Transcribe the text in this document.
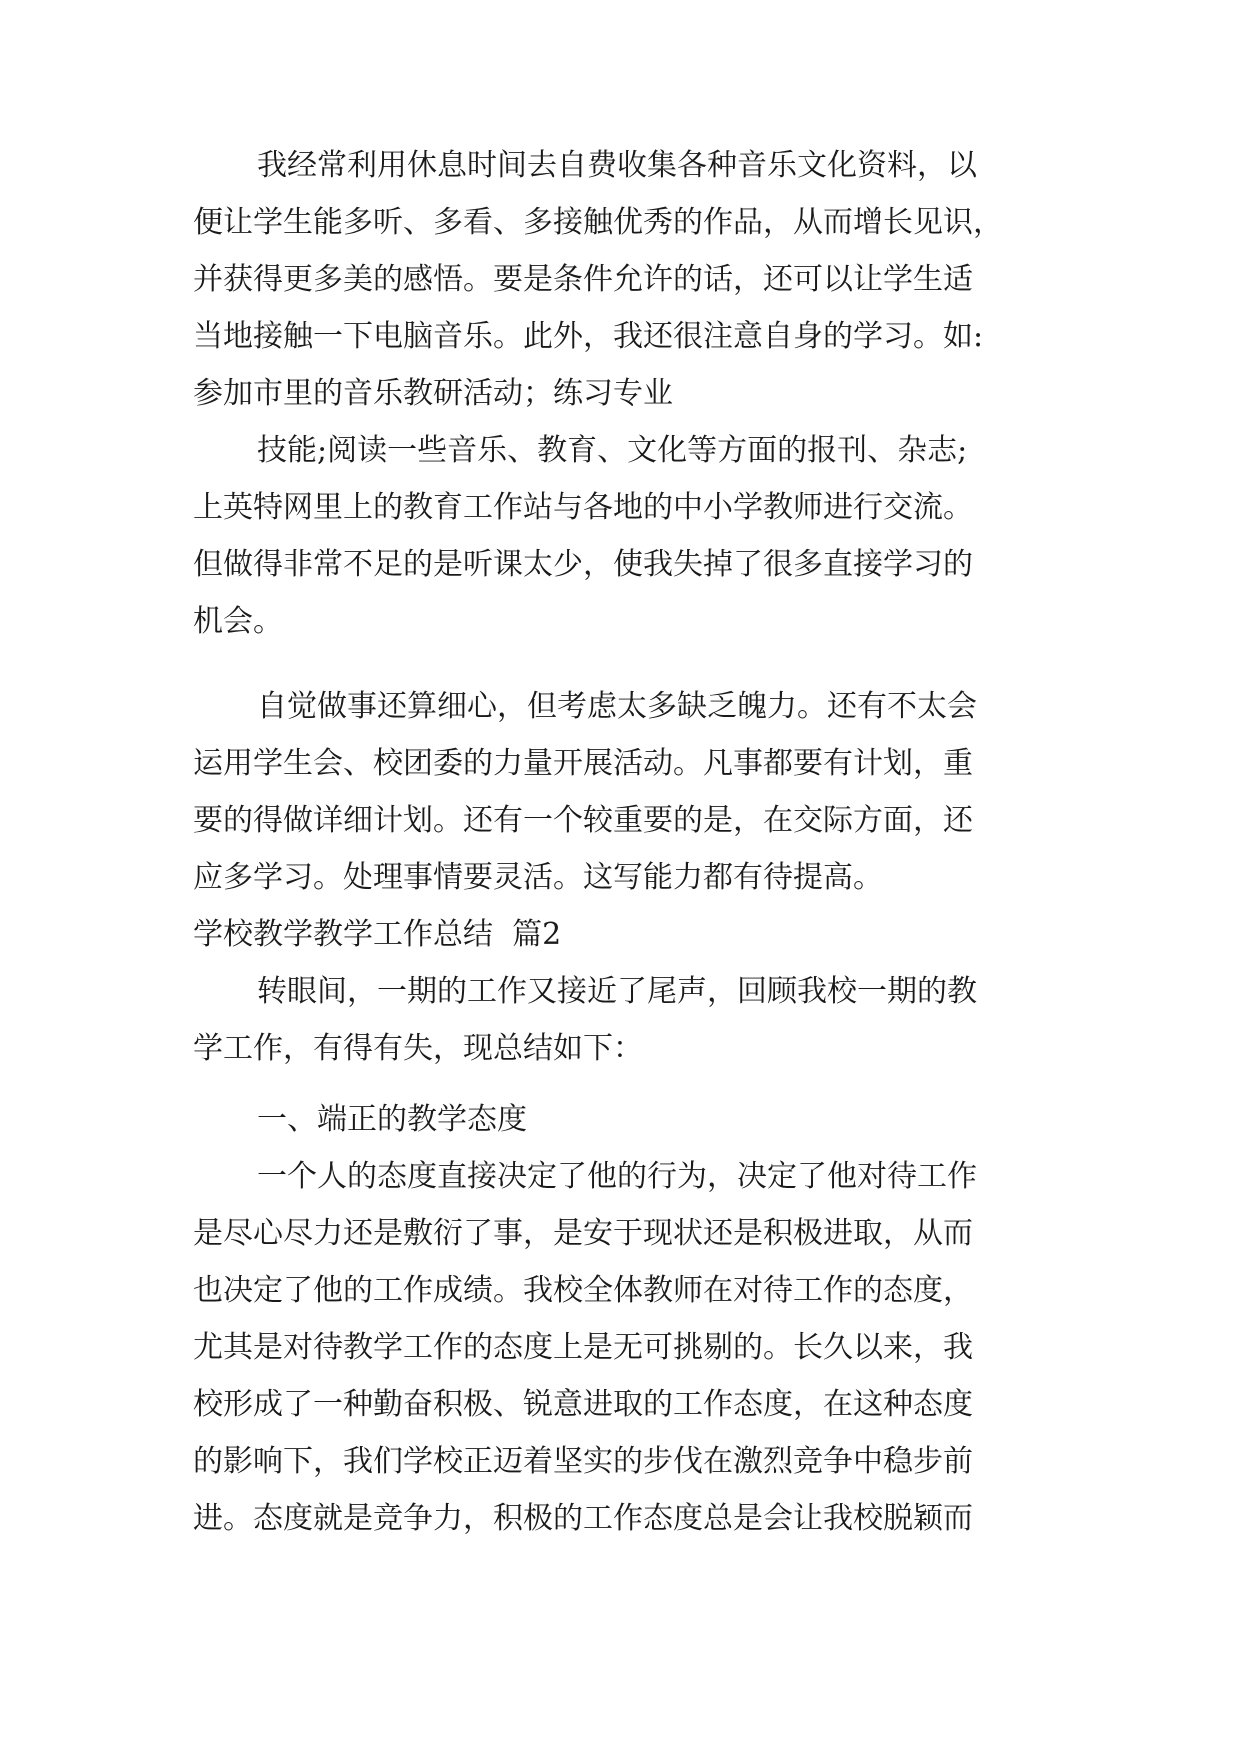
我经常利用休息时间去自费收集各种音乐文化资料，以
便让学生能多听、多看、多接触优秀的作品，从而增长见识，
并获得更多美的感悟。要是条件允许的话，还可以让学生适
当地接触一下电脑音乐。此外，我还很注意自身的学习。如:
参加市里的音乐教研活动；练习专业
技能;阅读一些音乐、教育、文化等方面的报刊、杂志;
上英特网里上的教育工作站与各地的中小学教师进行交流。
但做得非常不足的是听课太少，使我失掉了很多直接学习的
机会。
自觉做事还算细心，但考虑太多缺乏魄力。还有不太会
运用学生会、校团委的力量开展活动。凡事都要有计划，重
要的得做详细计划。还有一个较重要的是，在交际方面，还
应多学习。处理事情要灵活。这写能力都有待提高。
学校教学教学工作总结  篇2
转眼间，一期的工作又接近了尾声，回顾我校一期的教
学工作，有得有失，现总结如下：
一、端正的教学态度
一个人的态度直接决定了他的行为，决定了他对待工作
是尽心尽力还是敷衍了事，是安于现状还是积极进取，从而
也决定了他的工作成绩。我校全体教师在对待工作的态度，
尤其是对待教学工作的态度上是无可挑剔的。长久以来，我
校形成了一种勤奋积极、锐意进取的工作态度，在这种态度
的影响下，我们学校正迈着坚实的步伐在激烈竞争中稳步前
进。态度就是竞争力，积极的工作态度总是会让我校脱颖而
